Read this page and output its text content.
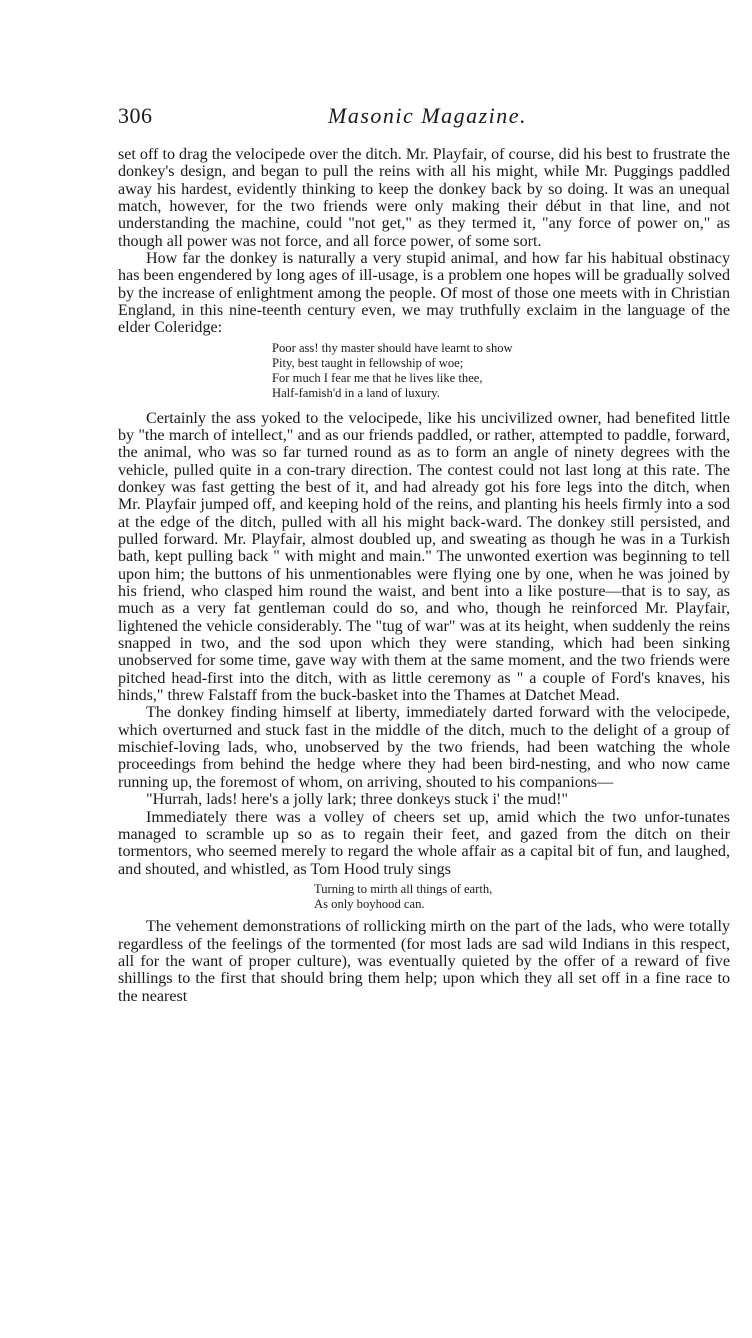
306	Masonic Magazine.

set off to drag the velocipede over the ditch. Mr. Playfair, of course, did his best to frustrate the donkey's design, and began to pull the reins with all his might, while Mr. Puggings paddled away his hardest, evidently thinking to keep the donkey back by so doing. It was an unequal match, however, for the two friends were only making their début in that line, and not understanding the machine, could "not get," as they termed it, "any force of power on," as though all power was not force, and all force power, of some sort.

How far the donkey is naturally a very stupid animal, and how far his habitual obstinacy has been engendered by long ages of ill-usage, is a problem one hopes will be gradually solved by the increase of enlightment among the people. Of most of those one meets with in Christian England, in this nine-teenth century even, we may truthfully exclaim in the language of the elder Coleridge:

Poor ass! thy master should have learnt to show
Pity, best taught in fellowship of woe;
For much I fear me that he lives like thee,
Half-famish'd in a land of luxury.

Certainly the ass yoked to the velocipede, like his uncivilized owner, had benefited little by "the march of intellect," and as our friends paddled, or rather, attempted to paddle, forward, the animal, who was so far turned round as as to form an angle of ninety degrees with the vehicle, pulled quite in a con-trary direction. The contest could not last long at this rate. The donkey was fast getting the best of it, and had already got his fore legs into the ditch, when Mr. Playfair jumped off, and keeping hold of the reins, and planting his heels firmly into a sod at the edge of the ditch, pulled with all his might back-ward. The donkey still persisted, and pulled forward. Mr. Playfair, almost doubled up, and sweating as though he was in a Turkish bath, kept pulling back " with might and main." The unwonted exertion was beginning to tell upon him; the buttons of his unmentionables were flying one by one, when he was joined by his friend, who clasped him round the waist, and bent into a like posture—that is to say, as much as a very fat gentleman could do so, and who, though he reinforced Mr. Playfair, lightened the vehicle considerably. The "tug of war" was at its height, when suddenly the reins snapped in two, and the sod upon which they were standing, which had been sinking unobserved for some time, gave way with them at the same moment, and the two friends were pitched head-first into the ditch, with as little ceremony as " a couple of Ford's knaves, his hinds," threw Falstaff from the buck-basket into the Thames at Datchet Mead.

The donkey finding himself at liberty, immediately darted forward with the velocipede, which overturned and stuck fast in the middle of the ditch, much to the delight of a group of mischief-loving lads, who, unobserved by the two friends, had been watching the whole proceedings from behind the hedge where they had been bird-nesting, and who now came running up, the foremost of whom, on arriving, shouted to his companions—

"Hurrah, lads! here's a jolly lark; three donkeys stuck i' the mud!"

Immediately there was a volley of cheers set up, amid which the two unfor-tunates managed to scramble up so as to regain their feet, and gazed from the ditch on their tormentors, who seemed merely to regard the whole affair as a capital bit of fun, and laughed, and shouted, and whistled, as Tom Hood truly sings

Turning to mirth all things of earth,
As only boyhood can.

The vehement demonstrations of rollicking mirth on the part of the lads, who were totally regardless of the feelings of the tormented (for most lads are sad wild Indians in this respect, all for the want of proper culture), was eventually quieted by the offer of a reward of five shillings to the first that should bring them help; upon which they all set off in a fine race to the nearest
